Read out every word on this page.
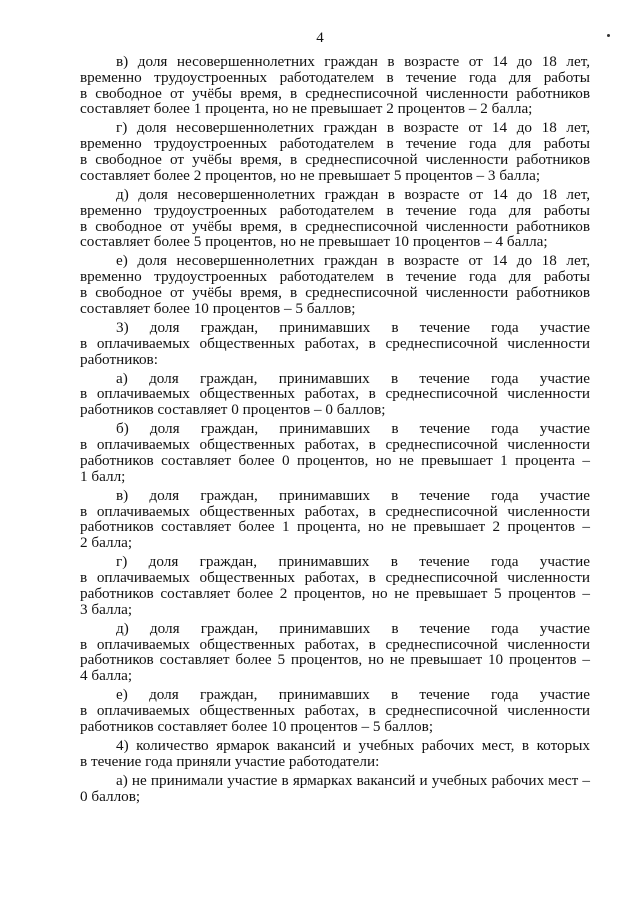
4
в) доля несовершеннолетних граждан в возрасте от 14 до 18 лет,
временно трудоустроенных работодателем в течение года для работы
в свободное от учёбы время, в среднесписочной численности работников
составляет более 1 процента, но не превышает 2 процентов – 2 балла;
г) доля несовершеннолетних граждан в возрасте от 14 до 18 лет,
временно трудоустроенных работодателем в течение года для работы
в свободное от учёбы время, в среднесписочной численности работников
составляет более 2 процентов, но не превышает 5 процентов – 3 балла;
д) доля несовершеннолетних граждан в возрасте от 14 до 18 лет,
временно трудоустроенных работодателем в течение года для работы
в свободное от учёбы время, в среднесписочной численности работников
составляет более 5 процентов, но не превышает 10 процентов – 4 балла;
е) доля несовершеннолетних граждан в возрасте от 14 до 18 лет,
временно трудоустроенных работодателем в течение года для работы
в свободное от учёбы время, в среднесписочной численности работников
составляет более 10 процентов – 5 баллов;
3) доля граждан, принимавших в течение года участие
в оплачиваемых общественных работах, в среднесписочной численности
работников:
а) доля граждан, принимавших в течение года участие
в оплачиваемых общественных работах, в среднесписочной численности
работников составляет 0 процентов – 0 баллов;
б) доля граждан, принимавших в течение года участие
в оплачиваемых общественных работах, в среднесписочной численности
работников составляет более 0 процентов, но не превышает 1 процента –
1 балл;
в) доля граждан, принимавших в течение года участие
в оплачиваемых общественных работах, в среднесписочной численности
работников составляет более 1 процента, но не превышает 2 процентов –
2 балла;
г) доля граждан, принимавших в течение года участие
в оплачиваемых общественных работах, в среднесписочной численности
работников составляет более 2 процентов, но не превышает 5 процентов –
3 балла;
д) доля граждан, принимавших в течение года участие
в оплачиваемых общественных работах, в среднесписочной численности
работников составляет более 5 процентов, но не превышает 10 процентов –
4 балла;
е) доля граждан, принимавших в течение года участие
в оплачиваемых общественных работах, в среднесписочной численности
работников составляет более 10 процентов – 5 баллов;
4) количество ярмарок вакансий и учебных рабочих мест, в которых
в течение года приняли участие работодатели:
а) не принимали участие в ярмарках вакансий и учебных рабочих мест –
0 баллов;
